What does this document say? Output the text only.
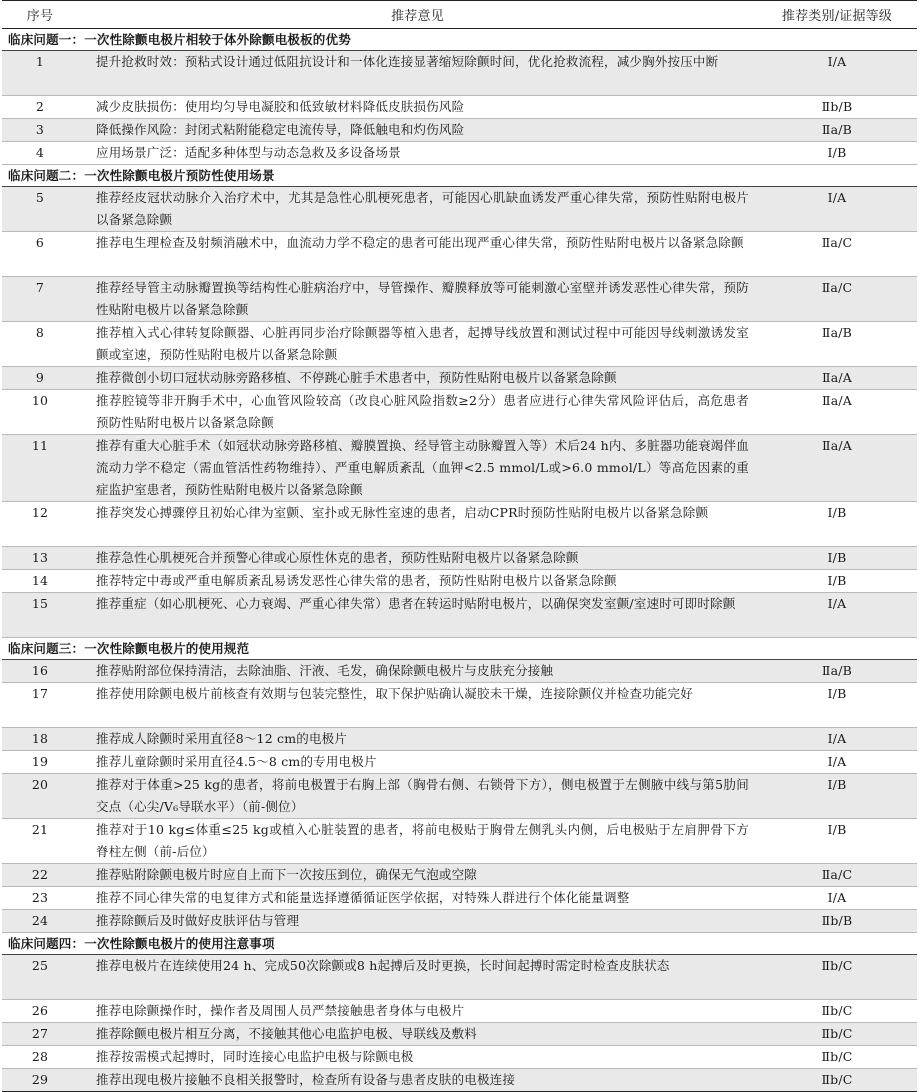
序号	推荐意见	推荐类别/证据等级
临床问题一：一次性除颤电极片相较于体外除颤电极板的优势		
1	提升抢救时效：预粘式设计通过低阻抗设计和一体化连接显著缩短除颤时间，优化抢救流程，减少胸外按压中断	Ⅰ/A
2	减少皮肤损伤：使用均匀导电凝胶和低致敏材料降低皮肤损伤风险	Ⅱb/B
3	降低操作风险：封闭式粘附能稳定电流传导，降低触电和灼伤风险	Ⅱa/B
4	应用场景广泛：适配多种体型与动态急救及多设备场景	Ⅰ/B
临床问题二：一次性除颤电极片预防性使用场景		
5	推荐经皮冠状动脉介入治疗术中，尤其是急性心肌梗死患者，可能因心肌缺血诱发严重心律失常，预防性贴附电极片以备紧急除颤	Ⅰ/A
6	推荐电生理检查及射频消融术中，血流动力学不稳定的患者可能出现严重心律失常，预防性贴附电极片以备紧急除颤	Ⅱa/C
7	推荐经导管主动脉瓣置换等结构性心脏病治疗中，导管操作、瓣膜释放等可能刺激心室壁并诱发恶性心律失常，预防性贴附电极片以备紧急除颤	Ⅱa/C
8	推荐植入式心律转复除颤器、心脏再同步治疗除颤器等植入患者，起搏导线放置和测试过程中可能因导线刺激诱发室颤或室速，预防性贴附电极片以备紧急除颤	Ⅱa/B
9	推荐微创小切口冠状动脉旁路移植、不停跳心脏手术患者中，预防性贴附电极片以备紧急除颤	Ⅱa/A
10	推荐腔镜等非开胸手术中，心血管风险较高（改良心脏风险指数≥2分）患者应进行心律失常风险评估后，高危患者预防性贴附电极片以备紧急除颤	Ⅱa/A
11	推荐有重大心脏手术（如冠状动脉旁路移植、瓣膜置换、经导管主动脉瓣置入等）术后24 h内、多脏器功能衰竭伴血流动力学不稳定（需血管活性药物维持）、严重电解质紊乱（血钾<2.5 mmol/L或>6.0 mmol/L）等高危因素的重症监护室患者，预防性贴附电极片以备紧急除颤	Ⅱa/A
12	推荐突发心搏骤停且初始心律为室颤、室扑或无脉性室速的患者，启动CPR时预防性贴附电极片以备紧急除颤	Ⅰ/B
13	推荐急性心肌梗死合并预警心律或心原性休克的患者，预防性贴附电极片以备紧急除颤	Ⅰ/B
14	推荐特定中毒或严重电解质紊乱易诱发恶性心律失常的患者，预防性贴附电极片以备紧急除颤	Ⅰ/B
15	推荐重症（如心肌梗死、心力衰竭、严重心律失常）患者在转运时贴附电极片，以确保突发室颤/室速时可即时除颤	Ⅰ/A
临床问题三：一次性除颤电极片的使用规范		
16	推荐贴附部位保持清洁，去除油脂、汗液、毛发，确保除颤电极片与皮肤充分接触	Ⅱa/B
17	推荐使用除颤电极片前核查有效期与包装完整性，取下保护贴确认凝胶未干燥，连接除颤仪并检查功能完好	Ⅰ/B
18	推荐成人除颤时采用直径8～12 cm的电极片	Ⅰ/A
19	推荐儿童除颤时采用直径4.5～8 cm的专用电极片	Ⅰ/A
20	推荐对于体重>25 kg的患者，将前电极置于右胸上部（胸骨右侧、右锁骨下方），侧电极置于左侧腋中线与第5肋间交点（心尖/V₆导联水平）（前-侧位）	Ⅰ/B
21	推荐对于10 kg≤体重≤25 kg或植入心脏装置的患者，将前电极贴于胸骨左侧乳头内侧，后电极贴于左肩胛骨下方脊柱左侧（前-后位）	Ⅰ/B
22	推荐贴附除颤电极片时应自上而下一次按压到位，确保无气泡或空隙	Ⅱa/C
23	推荐不同心律失常的电复律方式和能量选择遵循循证医学依据，对特殊人群进行个体化能量调整	Ⅰ/A
24	推荐除颤后及时做好皮肤评估与管理	Ⅱb/B
临床问题四：一次性除颤电极片的使用注意事项		
25	推荐电极片在连续使用24 h、完成50次除颤或8 h起搏后及时更换，长时间起搏时需定时检查皮肤状态	Ⅱb/C
26	推荐电除颤操作时，操作者及周围人员严禁接触患者身体与电极片	Ⅱb/C
27	推荐除颤电极片相互分离，不接触其他心电监护电极、导联线及敷料	Ⅱb/C
28	推荐按需模式起搏时，同时连接心电监护电极与除颤电极	Ⅱb/C
29	推荐出现电极片接触不良相关报警时，检查所有设备与患者皮肤的电极连接	Ⅱb/C
